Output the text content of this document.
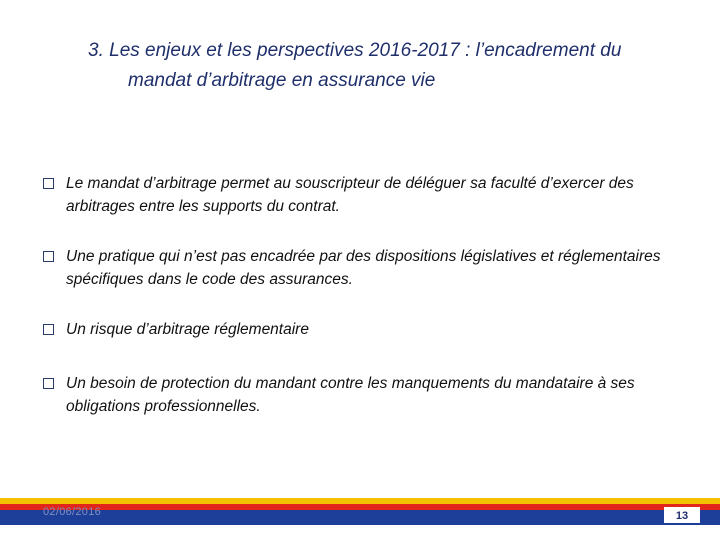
3. Les enjeux et les perspectives 2016-2017 : l’encadrement du
mandat d’arbitrage en assurance vie
Le mandat d’arbitrage permet au souscripteur de déléguer sa faculté d’exercer des arbitrages entre les supports du contrat.
Une pratique qui n’est pas encadrée par des dispositions législatives et réglementaires spécifiques dans le code des assurances.
Un risque d’arbitrage réglementaire
Un besoin de protection du mandant contre les manquements du mandataire à ses obligations professionnelles.
02/06/2016	13
